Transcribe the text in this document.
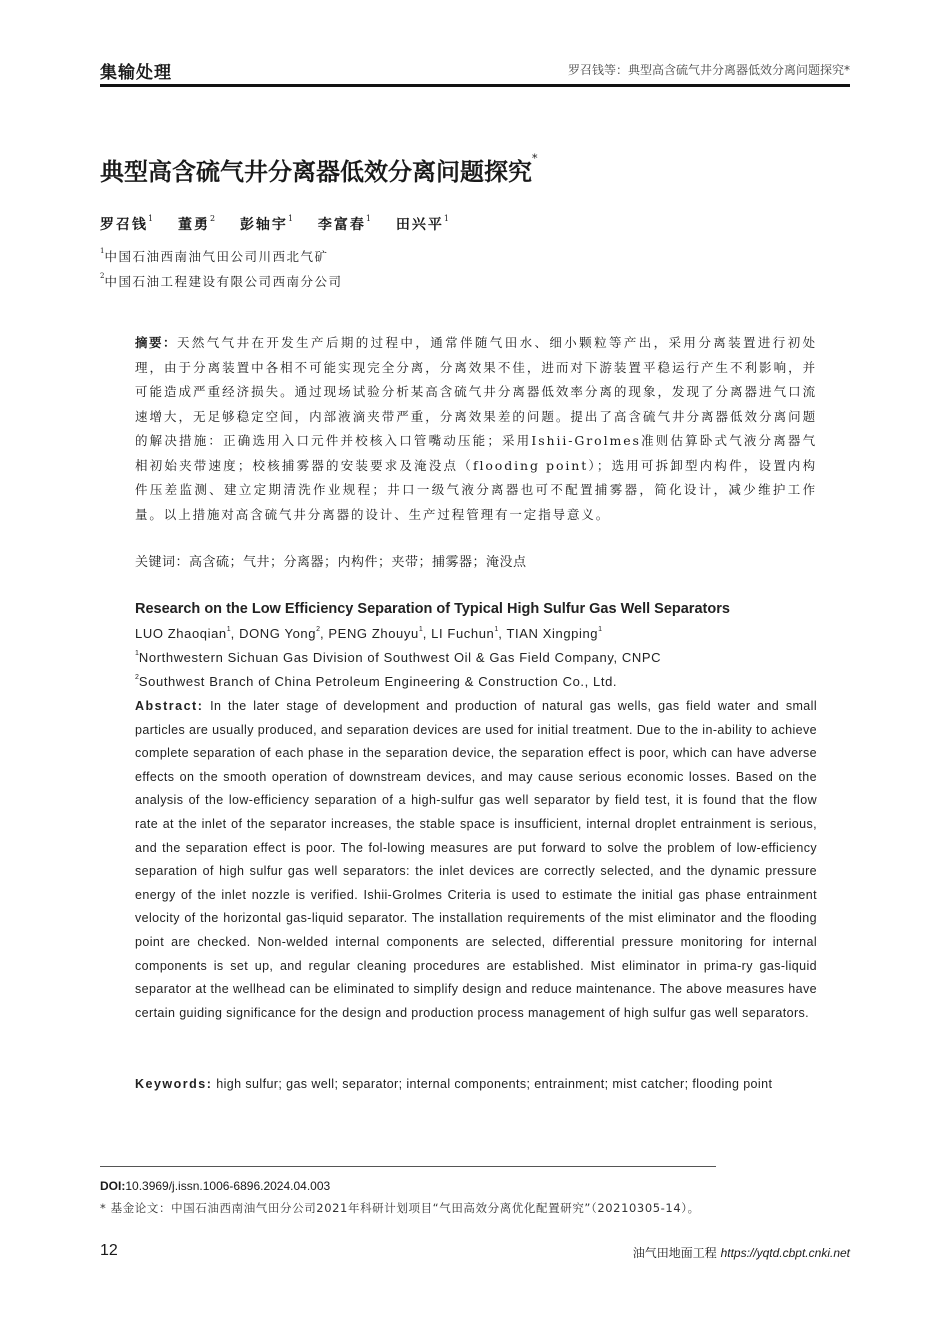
集输处理	罗召钱等：典型高含硫气井分离器低效分离问题探究*
典型高含硫气井分离器低效分离问题探究*
罗召钱$^1$ 董勇$^2$ 彭轴宇$^1$ 李富春$^1$ 田兴平$^1$
$^1$中国石油西南油气田公司川西北气矿
$^2$中国石油工程建设有限公司西南分公司
摘要：天然气气井在开发生产后期的过程中，通常伴随气田水、细小颗粒等产出，采用分离装置进行初处理，由于分离装置中各相不可能实现完全分离，分离效果不佳，进而对下游装置平稳运行产生不利影响，并可能造成严重经济损失。通过现场试验分析某高含硫气井分离器低效率分离的现象，发现了分离器进气口流速增大，无足够稳定空间，内部液滴夹带严重，分离效果差的问题。提出了高含硫气井分离器低效分离问题的解决措施：正确选用入口元件并校核入口管嘴动压能；采用Ishii-Grolmes准则估算卧式气液分离器气相初始夹带速度；校核捕雾器的安装要求及淹没点（flooding point）；选用可拆卸型内构件，设置内构件压差监测、建立定期清洗作业规程；井口一级气液分离器也可不配置捕雾器，简化设计，减少维护工作量。以上措施对高含硫气井分离器的设计、生产过程管理有一定指导意义。
关键词：高含硫；气井；分离器；内构件；夹带；捕雾器；淹没点
Research on the Low Efficiency Separation of Typical High Sulfur Gas Well Separators
LUO Zhaoqian$^1$, DONG Yong$^2$, PENG Zhouyu$^1$, LI Fuchun$^1$, TIAN Xingping$^1$
$^1$Northwestern Sichuan Gas Division of Southwest Oil & Gas Field Company, CNPC
$^2$Southwest Branch of China Petroleum Engineering & Construction Co., Ltd.
Abstract: In the later stage of development and production of natural gas wells, gas field water and small particles are usually produced, and separation devices are used for initial treatment. Due to the in-ability to achieve complete separation of each phase in the separation device, the separation effect is poor, which can have adverse effects on the smooth operation of downstream devices, and may cause serious economic losses. Based on the analysis of the low-efficiency separation of a high-sulfur gas well separator by field test, it is found that the flow rate at the inlet of the separator increases, the stable space is insufficient, internal droplet entrainment is serious, and the separation effect is poor. The fol-lowing measures are put forward to solve the problem of low-efficiency separation of high sulfur gas well separators: the inlet devices are correctly selected, and the dynamic pressure energy of the inlet nozzle is verified. Ishii-Grolmes Criteria is used to estimate the initial gas phase entrainment velocity of the horizontal gas-liquid separator. The installation requirements of the mist eliminator and the flooding point are checked. Non-welded internal components are selected, differential pressure monitoring for internal components is set up, and regular cleaning procedures are established. Mist eliminator in prima-ry gas-liquid separator at the wellhead can be eliminated to simplify design and reduce maintenance. The above measures have certain guiding significance for the design and production process management of high sulfur gas well separators.
Keywords: high sulfur; gas well; separator; internal components; entrainment; mist catcher; flooding point
DOI:10.3969/j.issn.1006-6896.2024.04.003
* 基金论文：中国石油西南油气田分公司2021年科研计划项目“气田高效分离优化配置研究”（20210305-14）。
12	油气田地面工程 https://yqtd.cbpt.cnki.net
